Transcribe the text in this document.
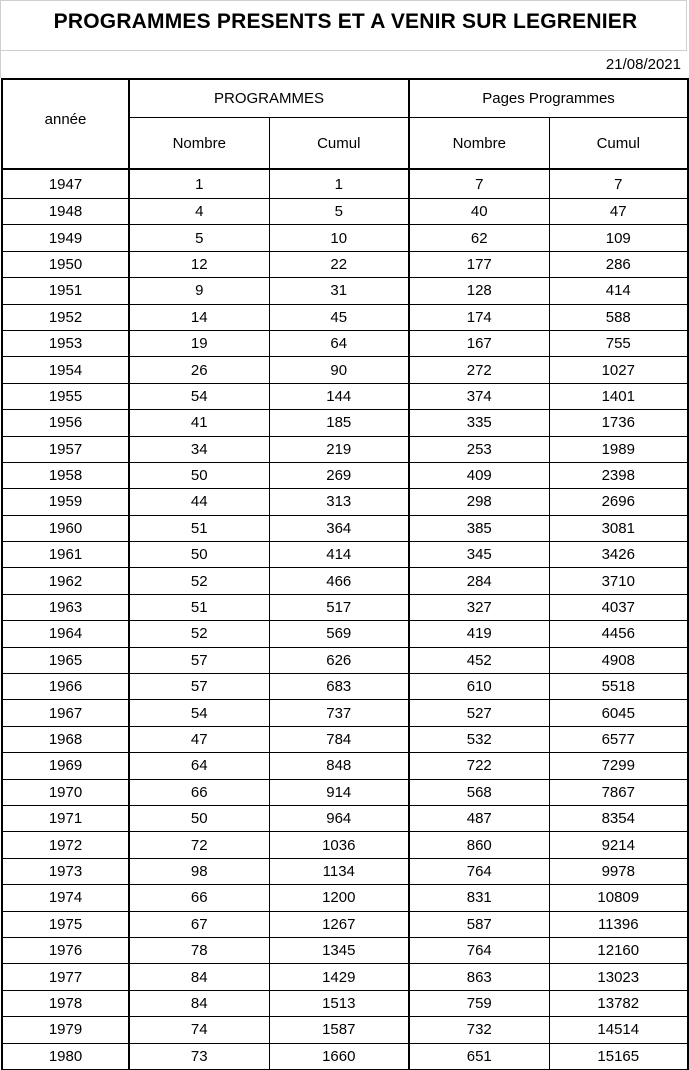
PROGRAMMES PRESENTS ET A VENIR SUR LEGRENIER
21/08/2021
année	PROGRAMMES		Pages Programmes	
	Nombre	Cumul	Nombre	Cumul
1947	1	1	7	7
1948	4	5	40	47
1949	5	10	62	109
1950	12	22	177	286
1951	9	31	128	414
1952	14	45	174	588
1953	19	64	167	755
1954	26	90	272	1027
1955	54	144	374	1401
1956	41	185	335	1736
1957	34	219	253	1989
1958	50	269	409	2398
1959	44	313	298	2696
1960	51	364	385	3081
1961	50	414	345	3426
1962	52	466	284	3710
1963	51	517	327	4037
1964	52	569	419	4456
1965	57	626	452	4908
1966	57	683	610	5518
1967	54	737	527	6045
1968	47	784	532	6577
1969	64	848	722	7299
1970	66	914	568	7867
1971	50	964	487	8354
1972	72	1036	860	9214
1973	98	1134	764	9978
1974	66	1200	831	10809
1975	67	1267	587	11396
1976	78	1345	764	12160
1977	84	1429	863	13023
1978	84	1513	759	13782
1979	74	1587	732	14514
1980	73	1660	651	15165
